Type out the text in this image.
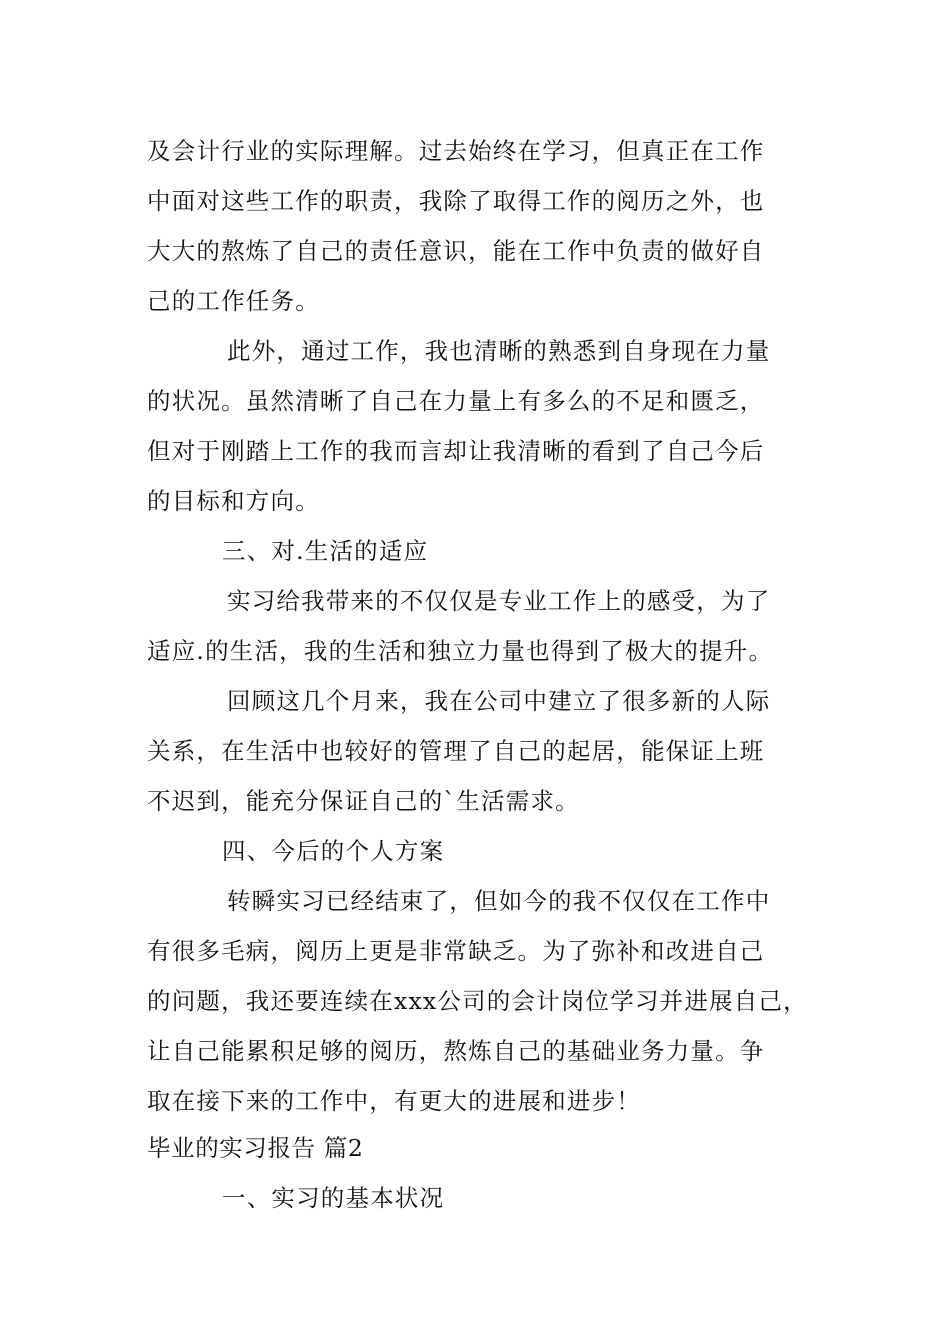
及会计行业的实际理解。过去始终在学习，但真正在工作
中面对这些工作的职责，我除了取得工作的阅历之外，也
大大的熬炼了自己的责任意识，能在工作中负责的做好自
己的工作任务。
此外，通过工作，我也清晰的熟悉到自身现在力量
的状况。虽然清晰了自己在力量上有多么的不足和匮乏，
但对于刚踏上工作的我而言却让我清晰的看到了自己今后
的目标和方向。
三、对.生活的适应
实习给我带来的不仅仅是专业工作上的感受，为了
适应.的生活，我的生活和独立力量也得到了极大的提升。
回顾这几个月来，我在公司中建立了很多新的人际
关系，在生活中也较好的管理了自己的起居，能保证上班
不迟到，能充分保证自己的`生活需求。
四、今后的个人方案
转瞬实习已经结束了，但如今的我不仅仅在工作中
有很多毛病，阅历上更是非常缺乏。为了弥补和改进自己
的问题，我还要连续在xxx公司的会计岗位学习并进展自己，
让自己能累积足够的阅历，熬炼自己的基础业务力量。争
取在接下来的工作中，有更大的进展和进步！
毕业的实习报告 篇2
一、实习的基本状况
